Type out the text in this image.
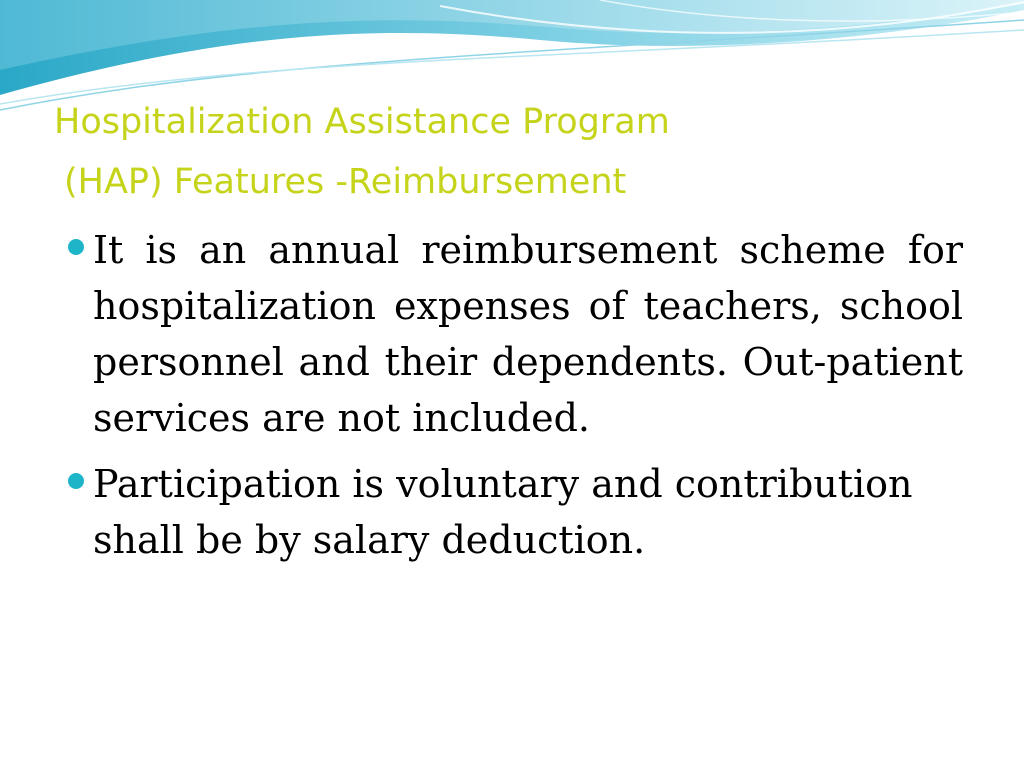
Hospitalization Assistance Program
(HAP) Features -Reimbursement
It is an annual reimbursement scheme for hospitalization expenses of teachers, school personnel and their dependents. Out-patient services are not included.
Participation is voluntary and contribution shall be by salary deduction.
